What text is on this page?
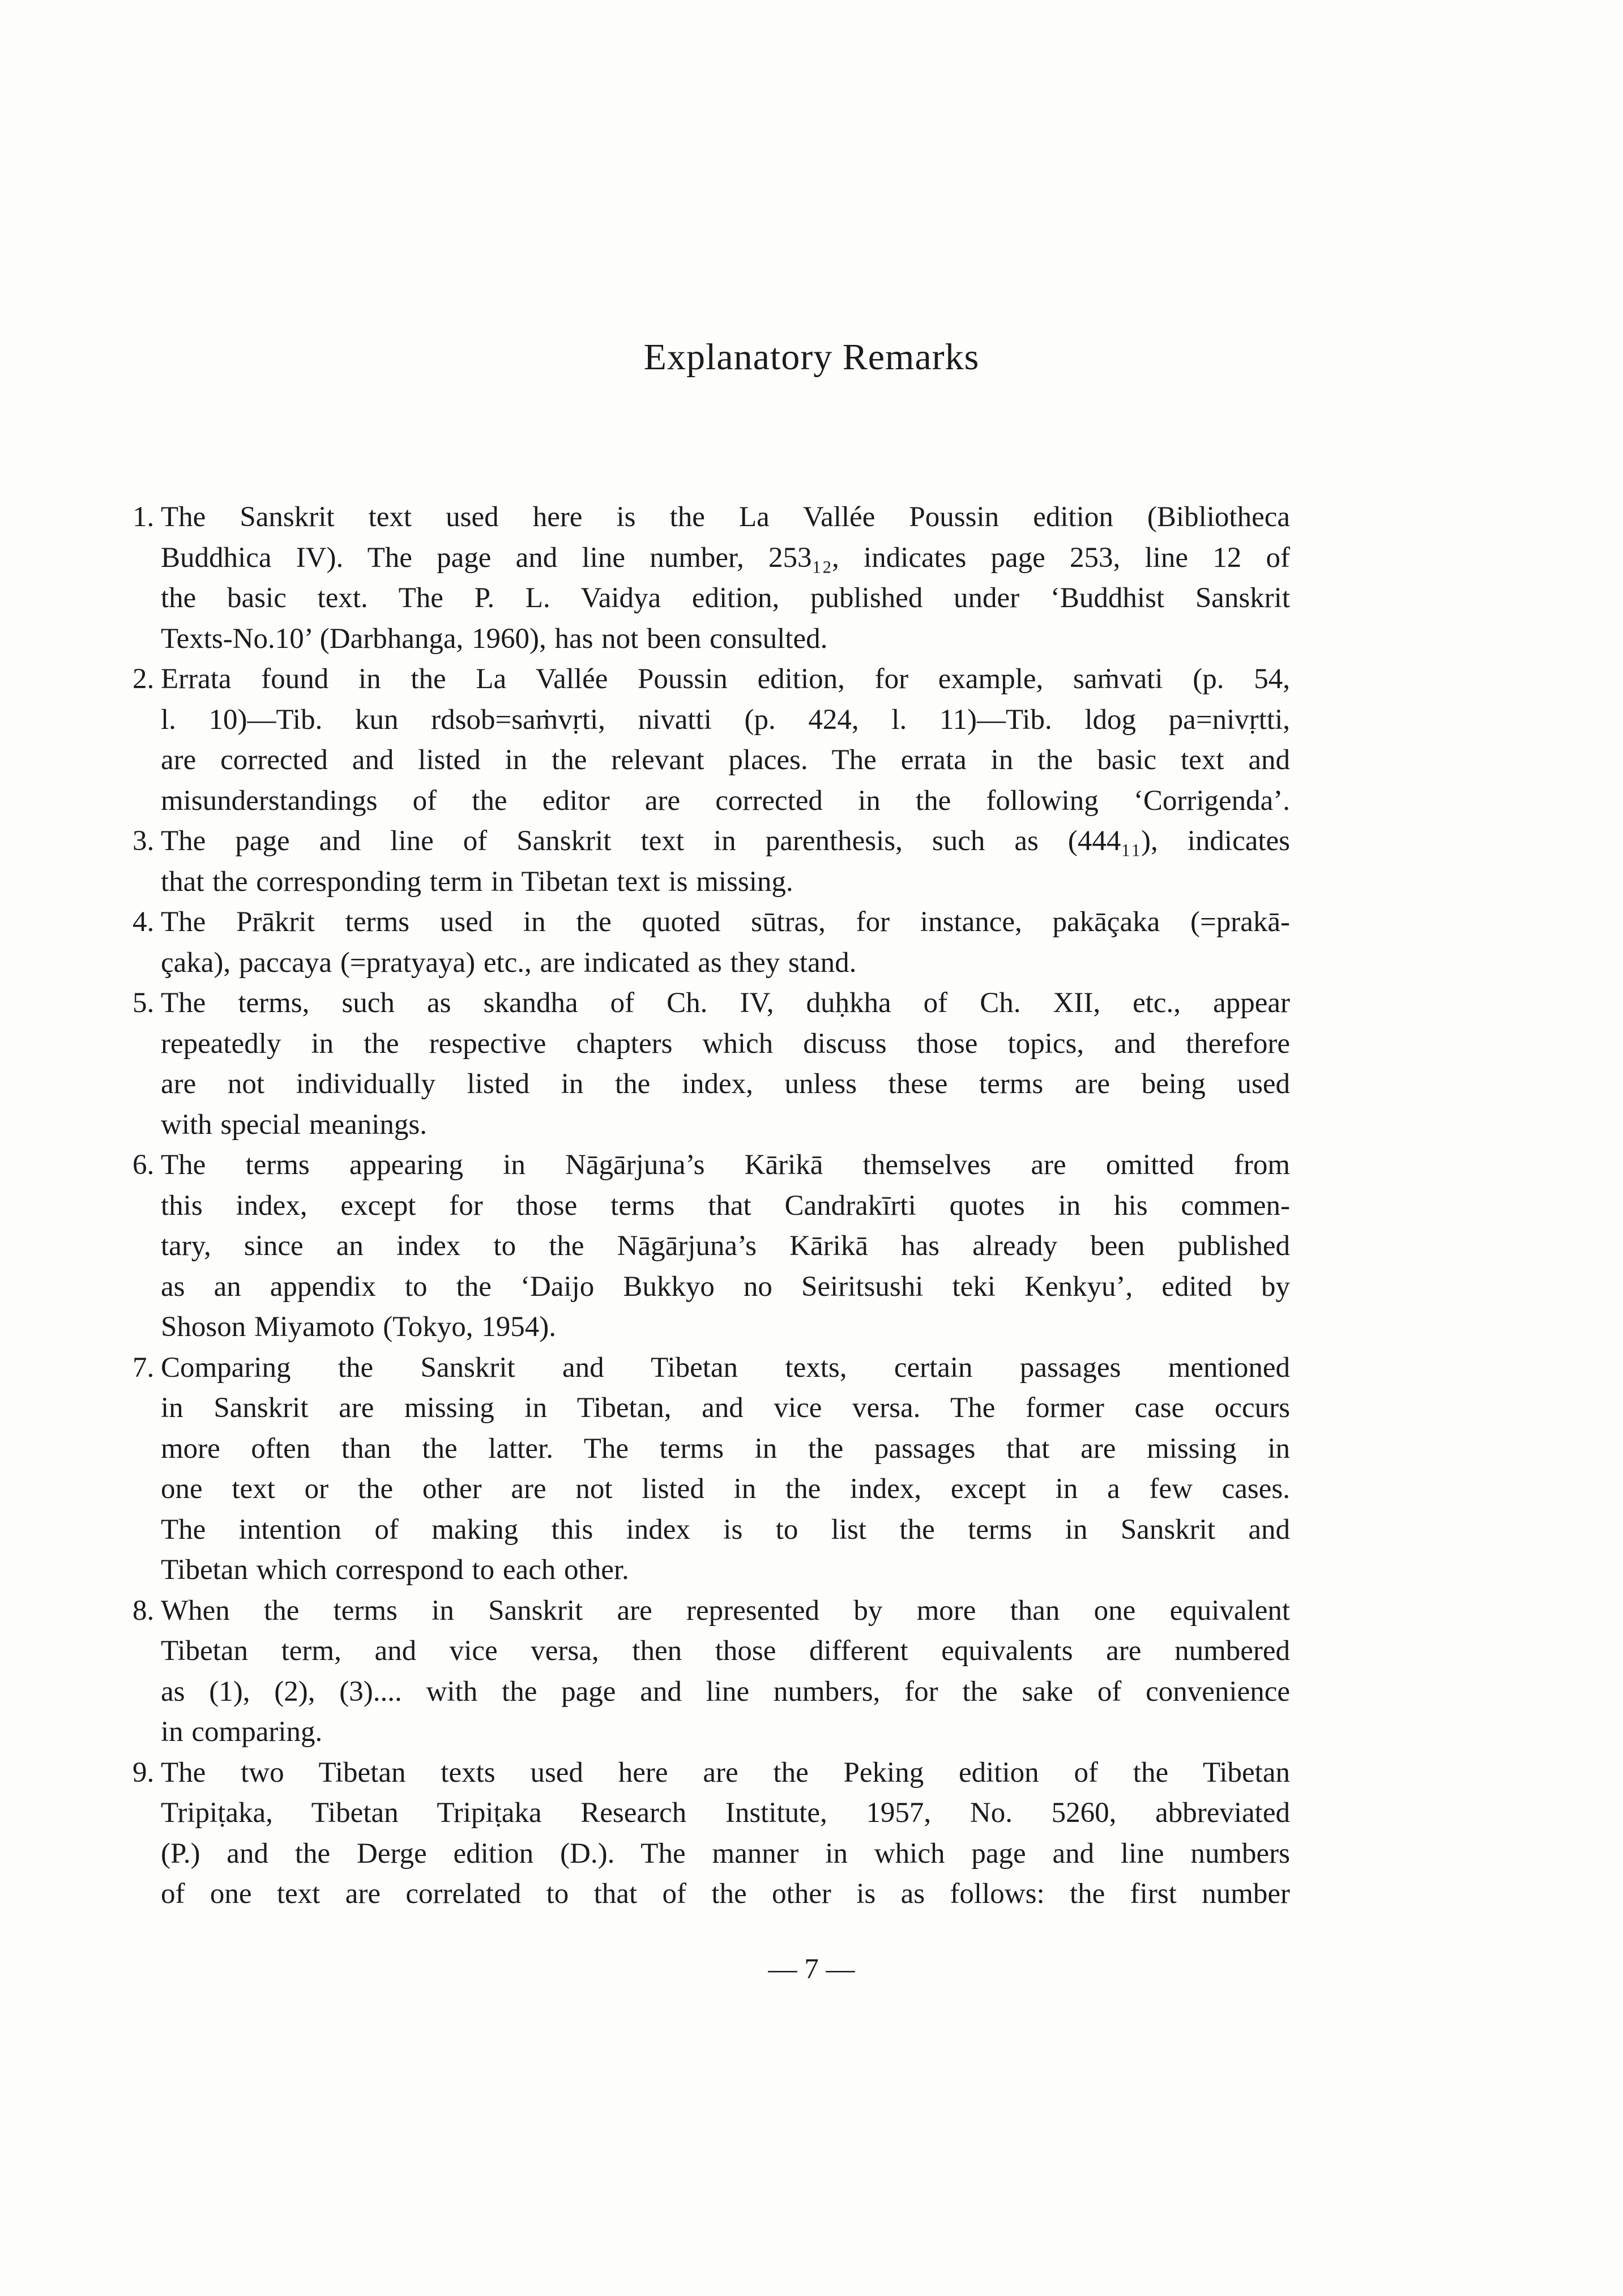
Explanatory Remarks
1. The Sanskrit text used here is the La Vallée Poussin edition (Bibliotheca
Buddhica IV). The page and line number, 253₁₂, indicates page 253, line 12 of
the basic text. The P. L. Vaidya edition, published under ‘Buddhist Sanskrit
Texts-No.10’ (Darbhanga, 1960), has not been consulted.
2. Errata found in the La Vallée Poussin edition, for example, saṁvati (p. 54,
l. 10)—Tib. kun rdsob=saṁvṛti, nivatti (p. 424, l. 11)—Tib. ldog pa=nivṛtti,
are corrected and listed in the relevant places. The errata in the basic text and
misunderstandings of the editor are corrected in the following ‘Corrigenda’.
3. The page and line of Sanskrit text in parenthesis, such as (444₁₁), indicates
that the corresponding term in Tibetan text is missing.
4. The Prākrit terms used in the quoted sūtras, for instance, pakāçaka (=prakā-
çaka), paccaya (=pratyaya) etc., are indicated as they stand.
5. The terms, such as skandha of Ch. IV, duḥkha of Ch. XII, etc., appear
repeatedly in the respective chapters which discuss those topics, and therefore
are not individually listed in the index, unless these terms are being used
with special meanings.
6. The terms appearing in Nāgārjuna’s Kārikā themselves are omitted from
this index, except for those terms that Candrakīrti quotes in his commen-
tary, since an index to the Nāgārjuna’s Kārikā has already been published
as an appendix to the ‘Daijo Bukkyo no Seiritsushi teki Kenkyu’, edited by
Shoson Miyamoto (Tokyo, 1954).
7. Comparing the Sanskrit and Tibetan texts, certain passages mentioned
in Sanskrit are missing in Tibetan, and vice versa. The former case occurs
more often than the latter. The terms in the passages that are missing in
one text or the other are not listed in the index, except in a few cases.
The intention of making this index is to list the terms in Sanskrit and
Tibetan which correspond to each other.
8. When the terms in Sanskrit are represented by more than one equivalent
Tibetan term, and vice versa, then those different equivalents are numbered
as (1), (2), (3).... with the page and line numbers, for the sake of convenience
in comparing.
9. The two Tibetan texts used here are the Peking edition of the Tibetan
Tripiṭaka, Tibetan Tripiṭaka Research Institute, 1957, No. 5260, abbreviated
(P.) and the Derge edition (D.). The manner in which page and line numbers
of one text are correlated to that of the other is as follows: the first number
— 7 —
